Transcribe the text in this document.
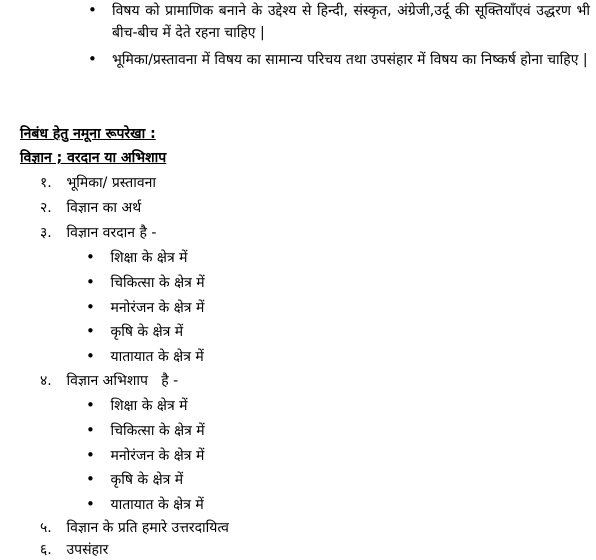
• विषय को प्रामाणिक बनाने के उद्देश्य से हिन्दी, संस्कृत, अंग्रेजी,उर्दू की सूक्तियाँएवं उद्धरण भी बीच-बीच में देते रहना चाहिए |
• भूमिका/प्रस्तावना में विषय का सामान्य परिचय तथा उपसंहार में विषय का निष्कर्ष होना चाहिए |
निबंध हेतु नमूना रूपरेखा :
विज्ञान ; वरदान या अभिशाप
१. भूमिका/ प्रस्तावना
२. विज्ञान का अर्थ
३. विज्ञान वरदान है -
• शिक्षा के क्षेत्र में
• चिकित्सा के क्षेत्र में
• मनोरंजन के क्षेत्र में
• कृषि के क्षेत्र में
• यातायात के क्षेत्र में
४. विज्ञान अभिशाप   है -
• शिक्षा के क्षेत्र में
• चिकित्सा के क्षेत्र में
• मनोरंजन के क्षेत्र में
• कृषि के क्षेत्र में
• यातायात के क्षेत्र में
५. विज्ञान के प्रति हमारे उत्तरदायित्व
६. उपसंहार
